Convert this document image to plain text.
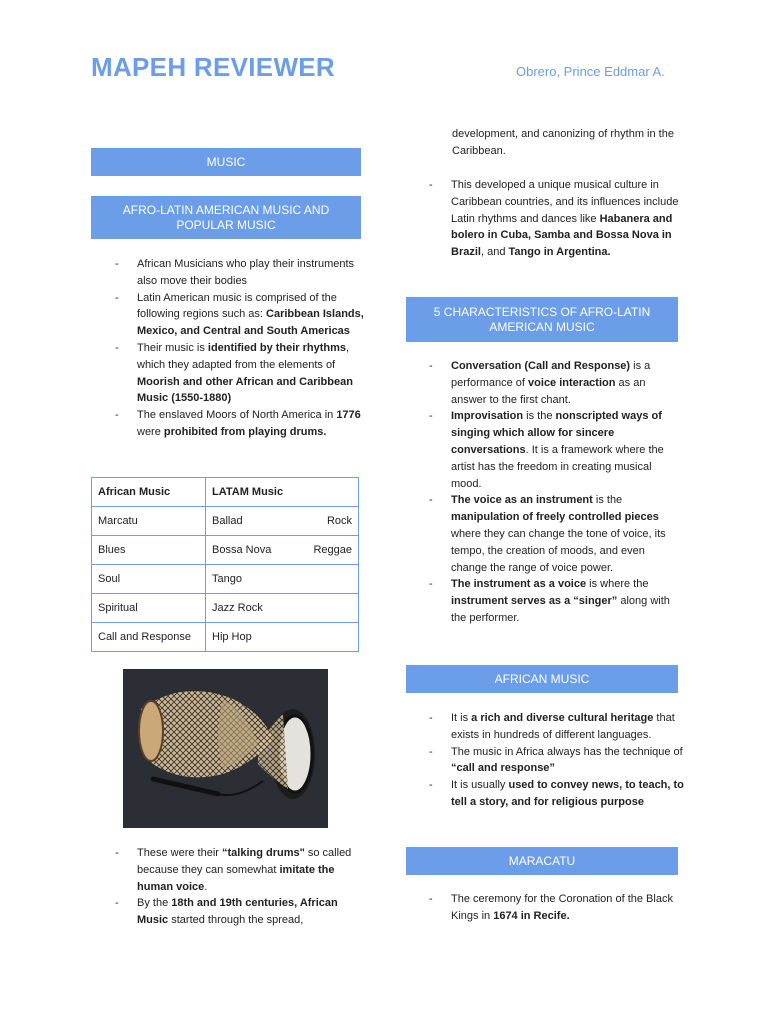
MAPEH REVIEWER	Obrero, Prince Eddmar A.
MUSIC
AFRO-LATIN AMERICAN MUSIC AND POPULAR MUSIC
- African Musicians who play their instruments also move their bodies
- Latin American music is comprised of the following regions such as: Caribbean Islands, Mexico, and Central and South Americas
- Their music is identified by their rhythms, which they adapted from the elements of Moorish and other African and Caribbean Music (1550-1880)
- The enslaved Moors of North America in 1776 were prohibited from playing drums.
African Music	LATAM Music
Marcatu	Ballad Rock

Blues	Bossa Nova Reggae

Soul	Tango

Spiritual	Jazz Rock

Call and Response	Hip Hop
- These were their “talking drums" so called because they can somewhat imitate the human voice.
- By the 18th and 19th centuries, African Music started through the spread,
development, and canonizing of rhythm in the Caribbean.
- This developed a unique musical culture in Caribbean countries, and its influences include Latin rhythms and dances like Habanera and bolero in Cuba, Samba and Bossa Nova in Brazil, and Tango in Argentina.
5 CHARACTERISTICS OF AFRO-LATIN AMERICAN MUSIC
- Conversation (Call and Response) is a performance of voice interaction as an answer to the first chant.
- Improvisation is the nonscripted ways of singing which allow for sincere conversations. It is a framework where the artist has the freedom in creating musical mood.
- The voice as an instrument is the manipulation of freely controlled pieces where they can change the tone of voice, its tempo, the creation of moods, and even change the range of voice power.
- The instrument as a voice is where the instrument serves as a “singer” along with the performer.
AFRICAN MUSIC
- It is a rich and diverse cultural heritage that exists in hundreds of different languages.
- The music in Africa always has the technique of “call and response”
- It is usually used to convey news, to teach, to tell a story, and for religious purpose
MARACATU
- The ceremony for the Coronation of the Black Kings in 1674 in Recife.
